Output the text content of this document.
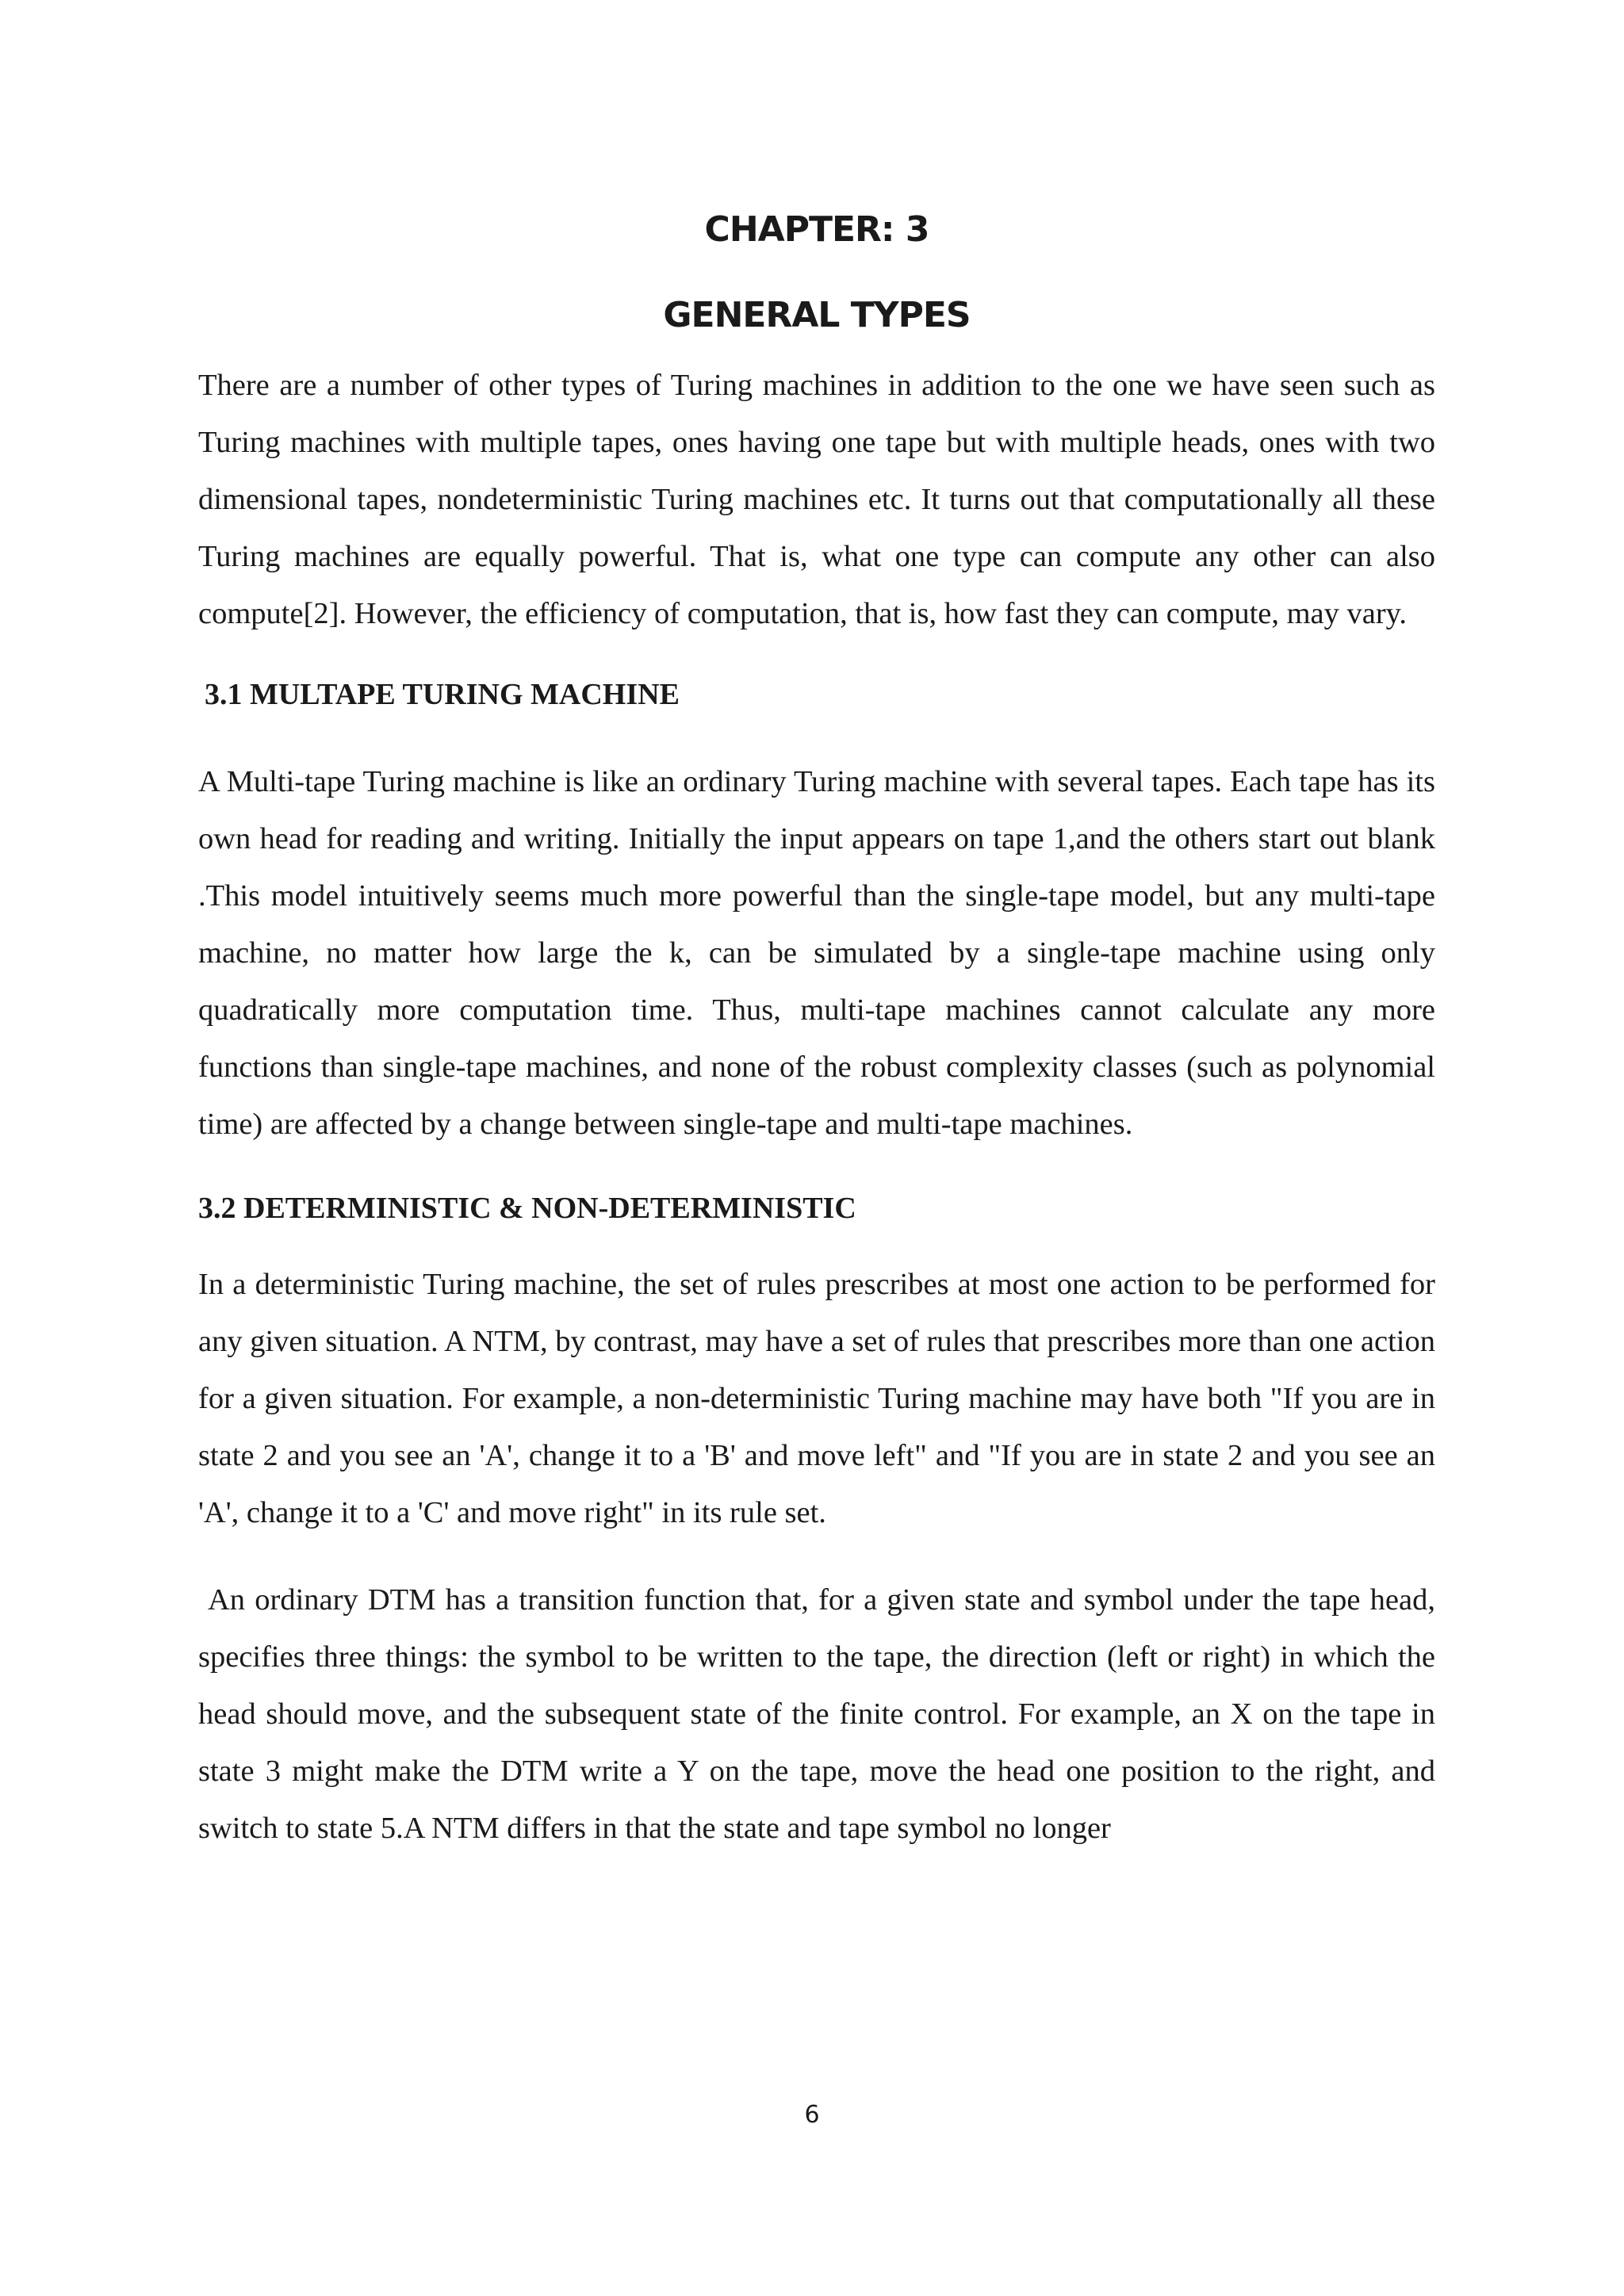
CHAPTER: 3
GENERAL TYPES

There are a number of other types of Turing machines in addition to the one we have seen such as Turing machines with multiple tapes, ones having one tape but with multiple heads, ones with two dimensional tapes, nondeterministic Turing machines etc. It turns out that computationally all these Turing machines are equally powerful. That is, what one type can compute any other can also compute[2]. However, the efficiency of computation, that is, how fast they can compute, may vary.

3.1 MULTAPE TURING MACHINE

A Multi-tape Turing machine is like an ordinary Turing machine with several tapes. Each tape has its own head for reading and writing. Initially the input appears on tape 1,and the others start out blank .This model intuitively seems much more powerful than the single-tape model, but any multi-tape machine, no matter how large the k, can be simulated by a single-tape machine using only quadratically more computation time. Thus, multi-tape machines cannot calculate any more functions than single-tape machines, and none of the robust complexity classes (such as polynomial time) are affected by a change between single-tape and multi-tape machines.

3.2 DETERMINISTIC & NON-DETERMINISTIC

In a deterministic Turing machine, the set of rules prescribes at most one action to be performed for any given situation. A NTM, by contrast, may have a set of rules that prescribes more than one action for a given situation. For example, a non-deterministic Turing machine may have both "If you are in state 2 and you see an 'A', change it to a 'B' and move left" and "If you are in state 2 and you see an 'A', change it to a 'C' and move right" in its rule set.

An ordinary DTM has a transition function that, for a given state and symbol under the tape head, specifies three things: the symbol to be written to the tape, the direction (left or right) in which the head should move, and the subsequent state of the finite control. For example, an X on the tape in state 3 might make the DTM write a Y on the tape, move the head one position to the right, and switch to state 5.A NTM differs in that the state and tape symbol no longer

6
